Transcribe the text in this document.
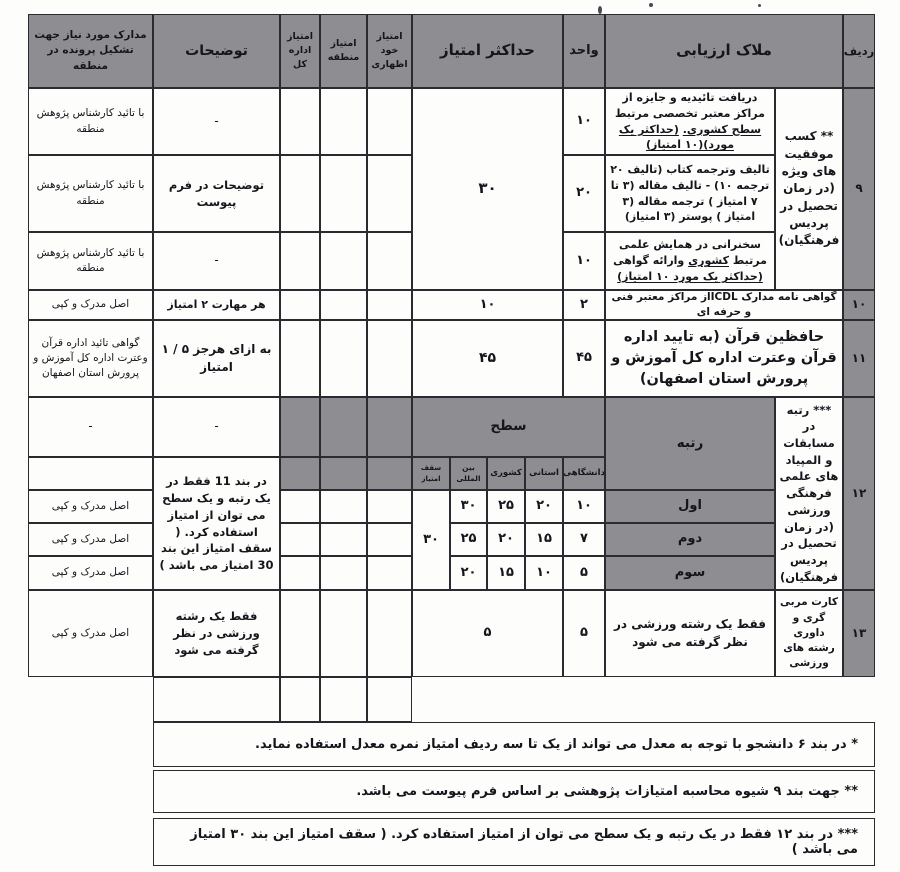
ردیف
ملاک ارزیابی
واحد
حداکثر امتیاز
امتیاز خود اظهاری
امتیاز منطقه
امتیاز اداره کل
توضیحات
مدارک مورد نیاز جهت تشکیل پرونده در منطقه
۹
** کسب موفقیت های ویژه (در زمان تحصیل در پردیس فرهنگیان)
دریافت تائیدیه و جایزه از مراکز معتبر تخصصی مرتبط سطح کشوری. (حداکثر یک مورد)(۱۰ امتیاز)
تالیف وترجمه کتاب (تالیف ۲۰ ترجمه ۱۰) - تالیف مقاله (۳ تا ۷ امتیاز ) ترجمه مقاله (۳ امتیاز ) پوستر (۳ امتیاز)
سخنرانی در همایش علمی مرتبط کشوری وارائه گواهی (حداکثر یک مورد ۱۰ امتیاز)
۱۰
۲۰
۱۰
۳۰
-
توضیحات در فرم پیوست
-
با تائید کارشناس پژوهش منطقه
با تائید کارشناس پژوهش منطقه
با تائید کارشناس پژوهش منطقه
۱۰
گواهی نامه مدارک ICDLاز مراکز معتبر فنی و حرفه ای
۲
۱۰
هر مهارت ۲ امتیاز
اصل مدرک و کپی
۱۱
حافظین قرآن (به تایید اداره قرآن وعترت اداره کل آموزش و پرورش استان اصفهان)
۴۵
۴۵
به ازای هرجز ۵ / ۱ امتیاز
گواهی تائید اداره قرآن وعترت اداره کل آموزش و پرورش استان اصفهان
۱۲
*** رتبه در مسابقات و المپیاد های علمی فرهنگی ورزشی (در زمان تحصیل در پردیس فرهنگیان)
رتبه
سطح
دانشگاهی
استانی
کشوری
بین المللی
سقف امتیاز
اول
۱۰
۲۰
۲۵
۳۰
دوم
۷
۱۵
۲۰
۲۵
سوم
۵
۱۰
۱۵
۲۰
۳۰
-
در بند 11 فقط در یک رتبه و یک سطح می توان از امتیاز استفاده کرد. ( سقف امتیاز این بند 30 امتیاز می باشد )
-
اصل مدرک و کپی
اصل مدرک و کپی
اصل مدرک و کپی
۱۳
کارت مربی گری و داوری رشته های ورزشی
فقط یک رشته ورزشی در نظر گرفته می شود
۵
۵
فقط یک رشته ورزشی در نظر گرفته می شود
اصل مدرک و کپی
* در بند ۶ دانشجو با توجه به معدل می تواند از یک تا سه ردیف امتیاز نمره معدل استفاده نماید.
** جهت بند ۹ شیوه محاسبه امتیازات پژوهشی بر اساس فرم پیوست می باشد.
*** در بند ۱۲ فقط در یک رتبه و یک سطح می توان از امتیاز استفاده کرد. ( سقف امتیاز این بند ۳۰ امتیاز می باشد )
